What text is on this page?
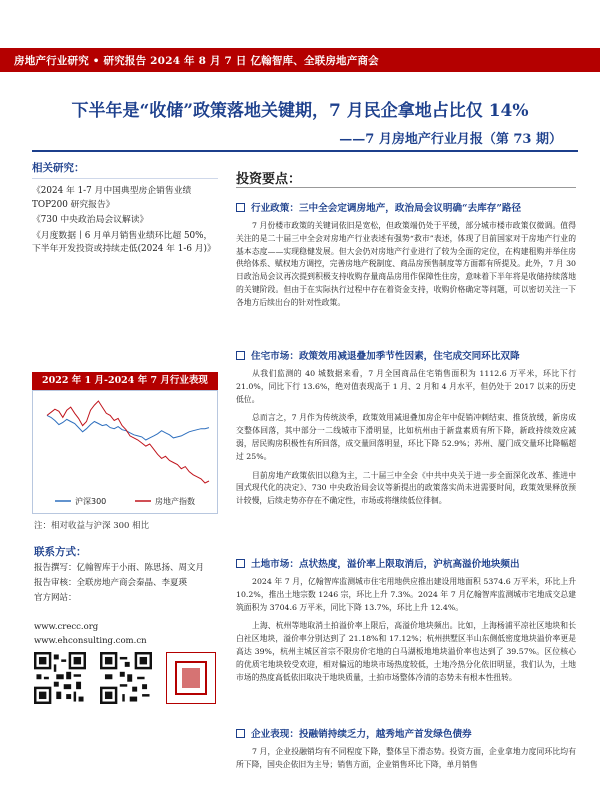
房地产行业研究 • 研究报告 2024 年 8 月 7 日 亿翰智库、全联房地产商会
下半年是“收储”政策落地关键期，7 月民企拿地占比仅 14%
——7 月房地产行业月报（第 73 期）
相关研究：
《2024 年 1-7 月中国典型房企销售业绩 TOP200 研究报告》
《730 中央政治局会议解读》
《月度数据丨6 月单月销售业绩环比超 50%，下半年开发投资或持续走低(2024 年 1-6 月)》
2022 年 1 月-2024 年 7 月行业表现
沪深300	房地产指数
注：相对收益与沪深 300 相比
联系方式：
报告撰写：亿翰智库于小雨、陈思扬、周文月
报告审核：全联房地产商会秦晶、李夏瑛
官方网站：
www.crecc.org
www.ehconsulting.com.cn
投资要点：
行业政策：三中全会定调房地产，政治局会议明确“去库存”路径
7 月份楼市政策的关键词依旧是宽松，但政策端仍处于平缓，部分城市楼市政策仅微调。值得关注的是二十届三中全会对房地产行业表述有强势“救市”表述，体现了目前国家对于房地产行业的基本态度——实现稳健发展。但大会仍对房地产行业进行了较为全面的定位，在构建租购并举住房供给体系、赋权地方调控，完善房地产税制度、商品房预售制度等方面都有所提及。此外，7 月 30 日政治局会议再次提到积极支持收购存量商品房用作保障性住房，意味着下半年将是收储持续落地的关键阶段。但由于在实际执行过程中存在着资金支持，收购价格确定等问题，可以密切关注一下各地方后续出台的针对性政策。
住宅市场：政策效用减退叠加季节性因素，住宅成交同环比双降
从我们监测的 40 城数据来看，7 月全国商品住宅销售面积为 1112.6 万平米，环比下行 21.0%，同比下行 13.6%，绝对值表现高于 1 月、2 月和 4 月水平，但仍处于 2017 以来的历史低位。
总而言之，7 月作为传统淡季，政策效用减退叠加房企年中促销冲刺结束、推货放缓，新房成交整体回落，其中部分一二线城市下滑明显，比如杭州由于新盘素质有所下降，新政持续效应减弱，居民购房积极性有所回落，成交量回落明显，环比下降 52.9%；苏州、厦门成交量环比降幅超过 25%。
目前房地产政策依旧以稳为主，二十届三中全会《中共中央关于进一步全面深化改革、推进中国式现代化的决定》、730 中央政治局会议等新提出的政策落实尚未进需要时间，政策效果释放预计较慢，后续走势亦存在不确定性，市场或将继续低位徘徊。
土地市场：点状热度，溢价率上限取消后，沪杭高溢价地块频出
2024 年 7 月，亿翰智库监测城市住宅用地供应推出建设用地面积 5374.6 万平米，环比上升 10.2%，推出土地宗数 1246 宗，环比上升 7.3%。2024 年 7 月亿翰智库监测城市宅地成交总建筑面积为 3704.6 万平米，同比下降 13.7%，环比上升 12.4%。
上海、杭州等地取消土拍溢价率上限后，高溢价地块频出。比如，上海杨浦平凉社区地块和长白社区地块，溢价率分别达到了 21.18%和 17.12%；杭州拱墅区半山东侧低密度地块溢价率更是高达 39%，杭州主城区首宗不限房价宅地的白马湖板地地块溢价率也达到了 39.57%。区位核心的优质宅地块较受欢迎，相对偏远的地块市场热度较低，土地冷热分化依旧明显，我们认为，土地市场的热度高低依旧取决于地块质量，土拍市场整体冷清的态势未有根本性扭转。
企业表现：投融销持续乏力，越秀地产首发绿色债券
7 月，企业投融销均有不同程度下降，整体呈下滑态势。投资方面，企业拿地力度同环比均有所下降，国央企依旧为主导；销售方面，企业销售环比下降，单月销售
